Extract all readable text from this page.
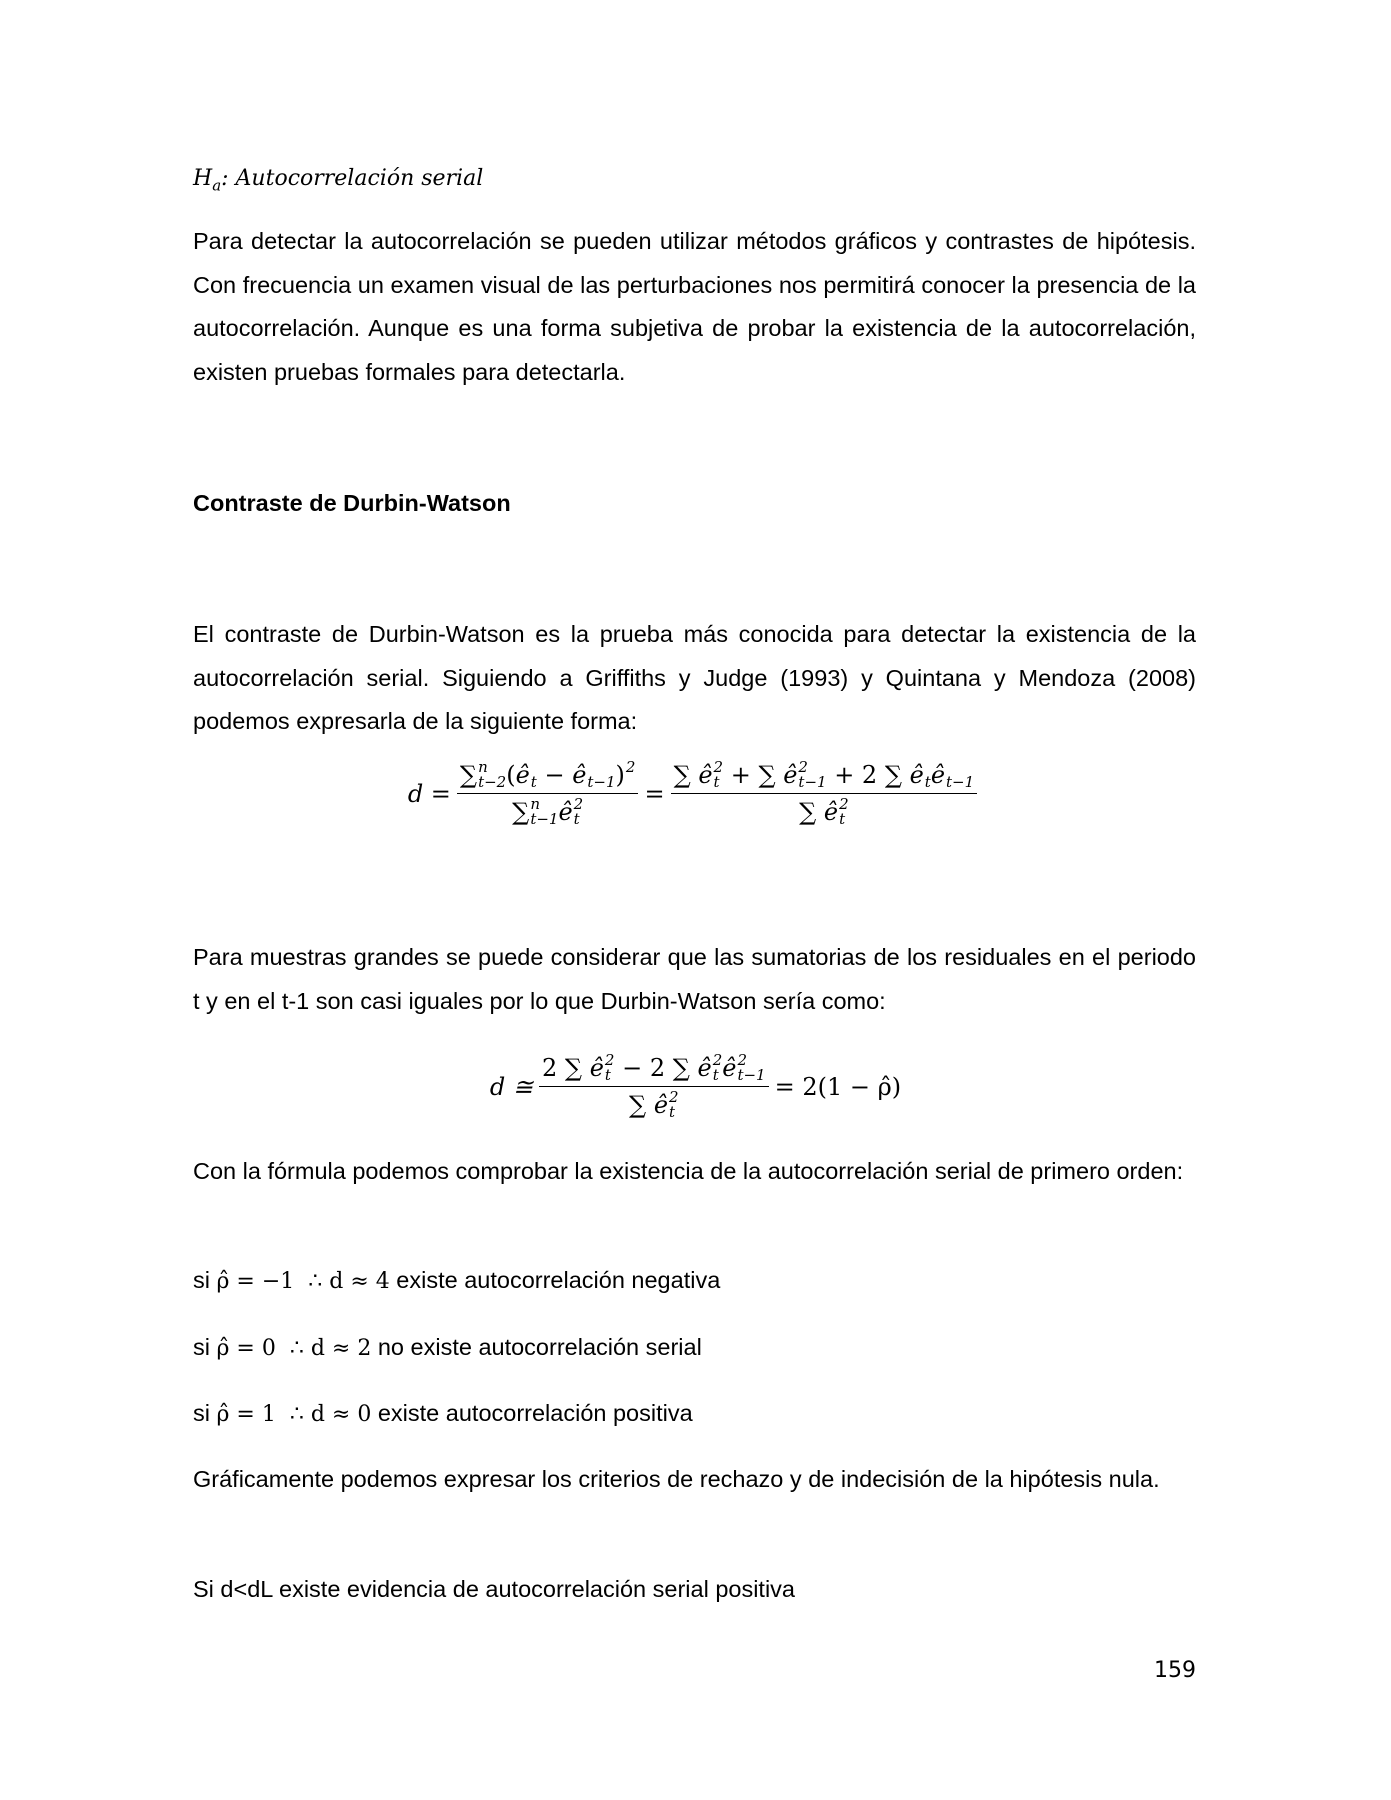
$H_a$: Autocorrelación serial
Para detectar la autocorrelación se pueden utilizar métodos gráficos y contrastes de hipótesis. Con frecuencia un examen visual de las perturbaciones nos permitirá conocer la presencia de la autocorrelación. Aunque es una forma subjetiva de probar la existencia de la autocorrelación, existen pruebas formales para detectarla.
Contraste de Durbin-Watson
El contraste de Durbin-Watson es la prueba más conocida para detectar la existencia de la autocorrelación serial. Siguiendo a Griffiths y Judge (1993) y Quintana y Mendoza (2008) podemos expresarla de la siguiente forma:
d = ∑ n
t−2 ( ê
t − ê
t−1 ) 2

∑ n
t−1 ê 2
t = ∑ ê 2
t + ∑ ê 2
t−1 + 2 ∑ ê
t ê
t−1
∑ ê 2
t
Para muestras grandes se puede considerar que las sumatorias de los residuales en el periodo t y en el t-1 son casi iguales por lo que Durbin-Watson sería como:
d ≅ 2 ∑ ê 2
t − 2 ∑ ê 2
t ê 2
t−1
∑ ê 2
t = 2(1 − ρ̂)
Con la fórmula podemos comprobar la existencia de la autocorrelación serial de primero orden:
si ρ̂ = −1  ∴ d ≈ 4 existe autocorrelación negativa
si ρ̂ = 0  ∴ d ≈ 2 no existe autocorrelación serial
si ρ̂ = 1  ∴ d ≈ 0 existe autocorrelación positiva
Gráficamente podemos expresar los criterios de rechazo y de indecisión de la hipótesis nula.
Si d<dL existe evidencia de autocorrelación serial positiva
159
